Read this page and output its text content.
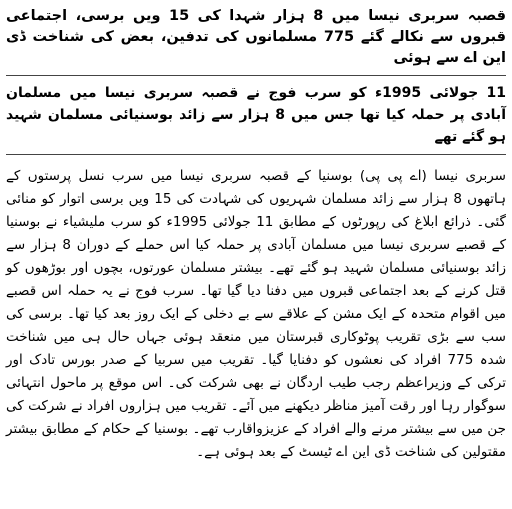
قصبہ سربری نیسا میں 8 ہزار شہدا کی 15 ویں برسی، اجتماعی قبروں سے نکالے گئے 775 مسلمانوں کی تدفین، بعض کی شناخت ڈی این اے سے ہوئی
11 جولائی 1995ء کو سرب فوج نے قصبہ سربری نیسا میں مسلمان آبادی پر حملہ کیا تھا جس میں 8 ہزار سے زائد بوسنیائی مسلمان شہید ہو گئے تھے

سربری نیسا (اے پی پی) بوسنیا کے قصبہ سربری نیسا میں سرب نسل پرستوں کے ہاتھوں 8 ہزار سے زائد مسلمان شہریوں کی شہادت کی 15 ویں برسی اتوار کو منائی گئی۔ ذرائع ابلاغ کی رپورٹوں کے مطابق 11 جولائی 1995ء کو سرب ملیشیاء نے بوسنیا کے قصبے سربری نیسا میں مسلمان آبادی پر حملہ کیا اس حملے کے دوران 8 ہزار سے زائد بوسنیائی مسلمان شہید ہو گئے تھے۔ بیشتر مسلمان عورتوں، بچوں اور بوڑھوں کو قتل کرنے کے بعد اجتماعی قبروں میں دفنا دیا گیا تھا۔ سرب فوج نے یہ حملہ اس قصبے میں اقوام متحدہ کے ایک مشن کے علاقے سے بے دخلی کے ایک روز بعد کیا تھا۔ برسی کی سب سے بڑی تقریب پوٹوکاری قبرستان میں منعقد ہوئی جہاں حال ہی میں شناخت شدہ 775 افراد کی نعشوں کو دفنایا گیا۔ تقریب میں سربیا کے صدر بورس تادک اور ترکی کے وزیراعظم رجب طیب اردگان نے بھی شرکت کی۔ اس موقع پر ماحول انتہائی سوگوار رہا اور رقت آمیز مناظر دیکھنے میں آئے۔ تقریب میں ہزاروں افراد نے شرکت کی جن میں سے بیشتر مرنے والے افراد کے عزیزواقارب تھے۔ بوسنیا کے حکام کے مطابق بیشتر مقتولین کی شناخت ڈی این اے ٹیسٹ کے بعد ہوئی ہے۔
